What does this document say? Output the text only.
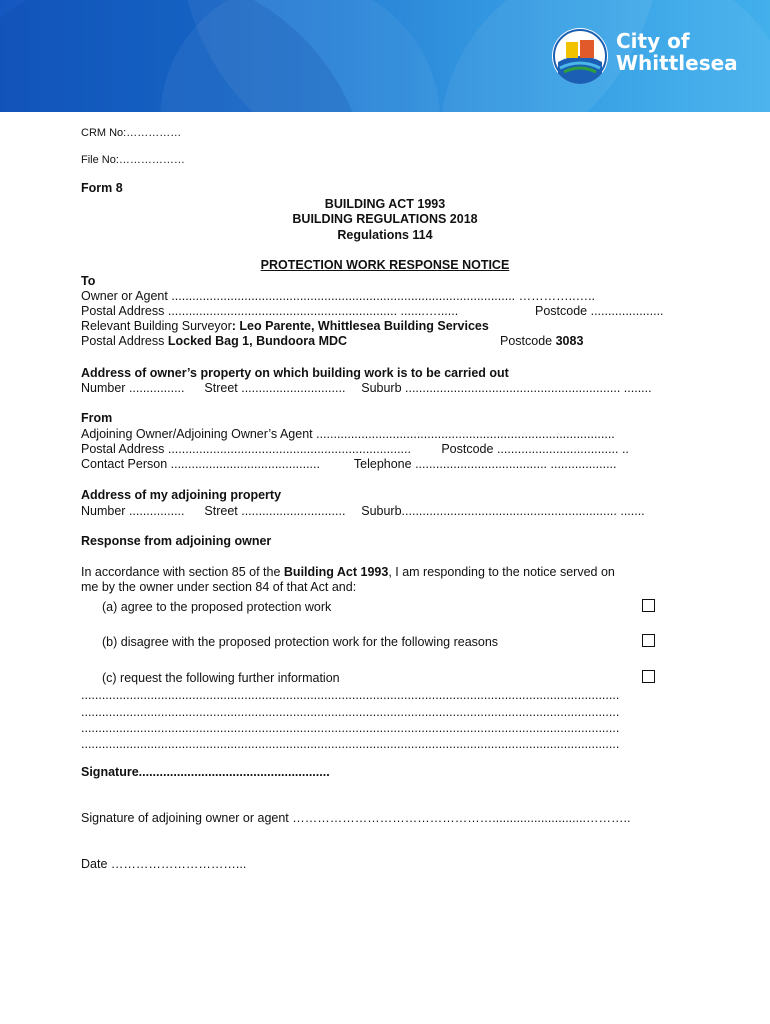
City of
Whittlesea
CRM No:……………
File No:………………
Form 8
BUILDING ACT 1993
BUILDING REGULATIONS 2018
Regulations 114
PROTECTION WORK RESPONSE NOTICE
To
Owner or Agent ................................................................................................... …………..…..
Postal Address .................................................................. .......…......	Postcode .....................
Relevant Building Surveyor: Leo Parente, Whittlesea Building Services
Postal Address Locked Bag 1, Bundoora MDC	Postcode 3083
Address of owner’s property on which building work is to be carried out
Number ................ Street .............................. Suburb .............................................................. ........
From
Adjoining Owner/Adjoining Owner’s Agent ......................................................................................
Postal Address ...................................................................... Postcode ................................... ..
Contact Person ........................................... Telephone ...................................... ...................
Address of my adjoining property
Number ................ Street .............................. Suburb.............................................................. .......
Response from adjoining owner
In accordance with section 85 of the Building Act 1993, I am responding to the notice served on
me by the owner under section 84 of that Act and:
(a) agree to the proposed protection work
(b) disagree with the proposed protection work for the following reasons
(c) request the following further information
...........................................................................................................................................................
...........................................................................................................................................................
...........................................................................................................................................................
...........................................................................................................................................................
Signature.......................................................
Signature of adjoining owner or agent …………………………………………...........................………..
Date …………………………...
